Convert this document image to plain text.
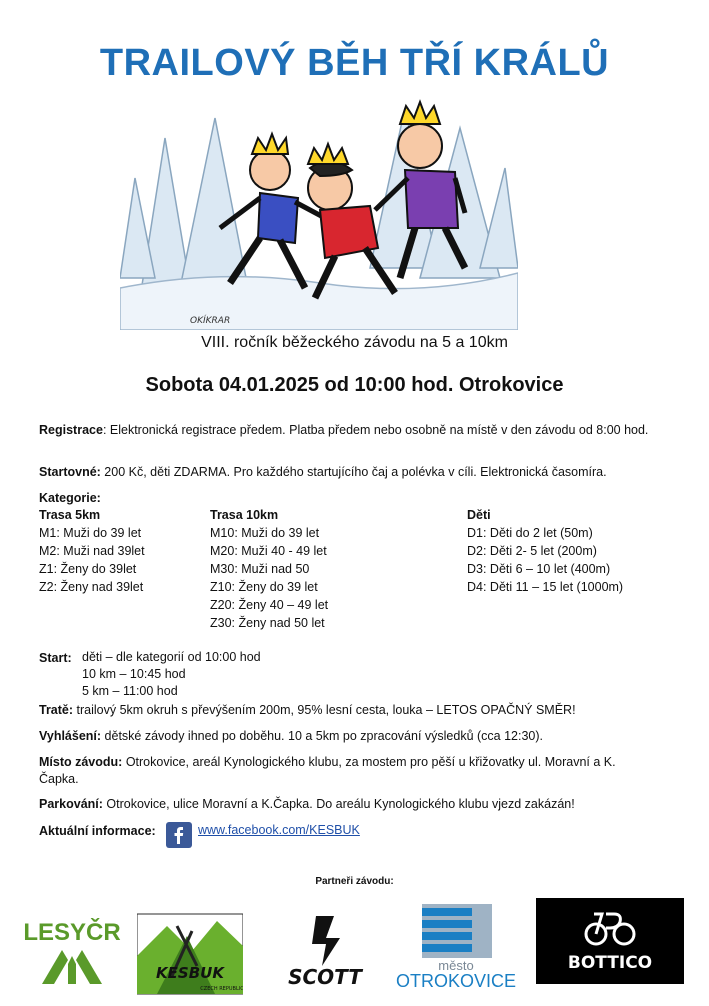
TRAILOVÝ BĚH TŘÍ KRÁLŮ
OKÍKRAR
VIII. ročník běžeckého závodu na 5 a 10km
Sobota 04.01.2025 od 10:00 hod. Otrokovice
Registrace: Elektronická registrace předem. Platba předem nebo osobně na místě v den závodu od 8:00 hod.
Startovné: 200 Kč, děti ZDARMA. Pro každého startujícího čaj a polévka v cíli. Elektronická časomíra.
Kategorie:
Trasa 5km
M1: Muži do 39 let
M2: Muži nad 39let
Z1: Ženy do 39let
Z2: Ženy nad 39let
Trasa 10km
M10: Muži do 39 let
M20: Muži 40 - 49 let
M30: Muži nad 50
Z10: Ženy do 39 let
Z20: Ženy 40 – 49 let
Z30: Ženy nad 50 let
Děti
D1: Děti do 2 let (50m)
D2: Děti 2- 5 let (200m)
D3: Děti 6 – 10 let (400m)
D4: Děti 11 – 15 let (1000m)
Start: děti – dle kategorií od 10:00 hod
10 km – 10:45 hod
5 km – 11:00 hod
Tratě: trailový 5km okruh s převýšením 200m, 95% lesní cesta, louka – LETOS OPAČNÝ SMĚR!
Vyhlášení: dětské závody ihned po doběhu. 10 a 5km po zpracování výsledků (cca 12:30).
Místo závodu: Otrokovice, areál Kynologického klubu, za mostem pro pěší u křižovatky ul. Moravní a K. Čapka.
Parkování: Otrokovice, ulice Moravní a K.Čapka. Do areálu Kynologického klubu vjezd zakázán!
Aktuální informace:	www.facebook.com/KESBUK
Partneři závodu:
LESYČR
KESBUK
CZECH REPUBLIC SCOTT	město
OTROKOVICE
BOTTICO
